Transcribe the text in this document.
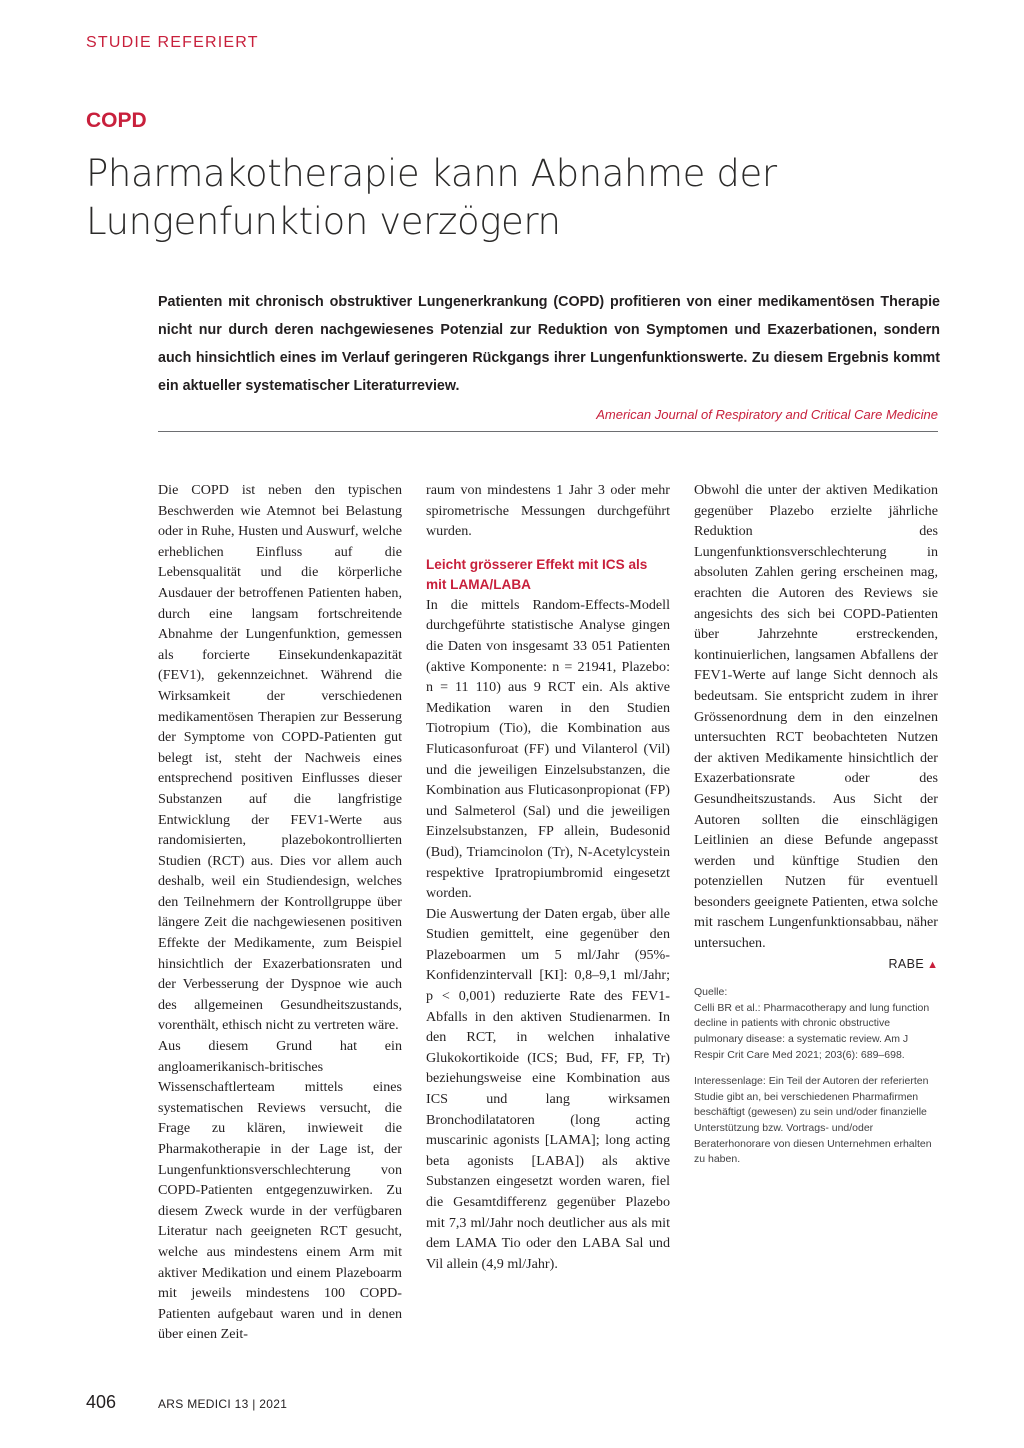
STUDIE REFERIERT
COPD
Pharmakotherapie kann Abnahme der Lungenfunktion verzögern

Patienten mit chronisch obstruktiver Lungenerkrankung (COPD) profitieren von einer medikamentösen Therapie nicht nur durch deren nachgewiesenes Potenzial zur Reduktion von Symptomen und Exazerbationen, sondern auch hinsichtlich eines im Verlauf geringeren Rückgangs ihrer Lungenfunktionswerte. Zu diesem Ergebnis kommt ein aktueller systematischer Literaturreview.

American Journal of Respiratory and Critical Care Medicine

Die COPD ist neben den typischen Beschwerden wie Atemnot bei Belastung oder in Ruhe, Husten und Auswurf, welche erheblichen Einfluss auf die Lebensqualität und die körperliche Ausdauer der betroffenen Patienten haben, durch eine langsam fortschreitende Abnahme der Lungenfunktion, gemessen als forcierte Einsekundenkapazität (FEV1), gekennzeichnet. Während die Wirksamkeit der verschiedenen medikamentösen Therapien zur Besserung der Symptome von COPD-Patienten gut belegt ist, steht der Nachweis eines entsprechend positiven Einflusses dieser Substanzen auf die langfristige Entwicklung der FEV1-Werte aus randomisierten, plazebokontrollierten Studien (RCT) aus. Dies vor allem auch deshalb, weil ein Studiendesign, welches den Teilnehmern der Kontrollgruppe über längere Zeit die nachgewiesenen positiven Effekte der Medikamente, zum Beispiel hinsichtlich der Exazerbationsraten und der Verbesserung der Dyspnoe wie auch des allgemeinen Gesundheitszustands, vorenthält, ethisch nicht zu vertreten wäre.

Aus diesem Grund hat ein angloamerikanisch-britisches Wissenschaftlerteam mittels eines systematischen Reviews versucht, die Frage zu klären, inwieweit die Pharmakotherapie in der Lage ist, der Lungenfunktionsverschlechterung von COPD-Patienten entgegenzuwirken. Zu diesem Zweck wurde in der verfügbaren Literatur nach geeigneten RCT gesucht, welche aus mindestens einem Arm mit aktiver Medikation und einem Plazeboarm mit jeweils mindestens 100 COPD-Patienten aufgebaut waren und in denen über einen Zeit-

raum von mindestens 1 Jahr 3 oder mehr spirometrische Messungen durchgeführt wurden.

Leicht grösserer Effekt mit ICS als mit LAMA/LABA

In die mittels Random-Effects-Modell durchgeführte statistische Analyse gingen die Daten von insgesamt 33 051 Patienten (aktive Komponente: n = 21941, Plazebo: n = 11 110) aus 9 RCT ein. Als aktive Medikation waren in den Studien Tiotropium (Tio), die Kombination aus Fluticasonfuroat (FF) und Vilanterol (Vil) und die jeweiligen Einzelsubstanzen, die Kombination aus Fluticasonpropionat (FP) und Salmeterol (Sal) und die jeweiligen Einzelsubstanzen, FP allein, Budesonid (Bud), Triamcinolon (Tr), N-Acetylcystein respektive Ipratropiumbromid eingesetzt worden.

Die Auswertung der Daten ergab, über alle Studien gemittelt, eine gegenüber den Plazeboarmen um 5 ml/Jahr (95%-Konfidenzintervall [KI]: 0,8–9,1 ml/Jahr; p < 0,001) reduzierte Rate des FEV1-Abfalls in den aktiven Studienarmen. In den RCT, in welchen inhalative Glukokortikoide (ICS; Bud, FF, FP, Tr) beziehungsweise eine Kombination aus ICS und lang wirksamen Bronchodilatatoren (long acting muscarinic agonists [LAMA]; long acting beta agonists [LABA]) als aktive Substanzen eingesetzt worden waren, fiel die Gesamtdifferenz gegenüber Plazebo mit 7,3 ml/Jahr noch deutlicher aus als mit dem LAMA Tio oder den LABA Sal und Vil allein (4,9 ml/Jahr).

Obwohl die unter der aktiven Medikation gegenüber Plazebo erzielte jährliche Reduktion des Lungenfunktionsverschlechterung in absoluten Zahlen gering erscheinen mag, erachten die Autoren des Reviews sie angesichts des sich bei COPD-Patienten über Jahrzehnte erstreckenden, kontinuierlichen, langsamen Abfallens der FEV1-Werte auf lange Sicht dennoch als bedeutsam. Sie entspricht zudem in ihrer Grössenordnung dem in den einzelnen untersuchten RCT beobachteten Nutzen der aktiven Medikamente hinsichtlich der Exazerbationsrate oder des Gesundheitszustands. Aus Sicht der Autoren sollten die einschlägigen Leitlinien an diese Befunde angepasst werden und künftige Studien den potenziellen Nutzen für eventuell besonders geeignete Patienten, etwa solche mit raschem Lungenfunktionsabbau, näher untersuchen.

RABE ▲

Quelle:

Celli BR et al.: Pharmacotherapy and lung function decline in patients with chronic obstructive pulmonary disease: a systematic review. Am J Respir Crit Care Med 2021; 203(6): 689–698.

Interessenlage: Ein Teil der Autoren der referierten Studie gibt an, bei verschiedenen Pharmafirmen beschäftigt (gewesen) zu sein und/oder finanzielle Unterstützung bzw. Vortrags- und/oder Beraterhonorare von diesen Unternehmen erhalten zu haben.

406	ARS MEDICI 13 | 2021
